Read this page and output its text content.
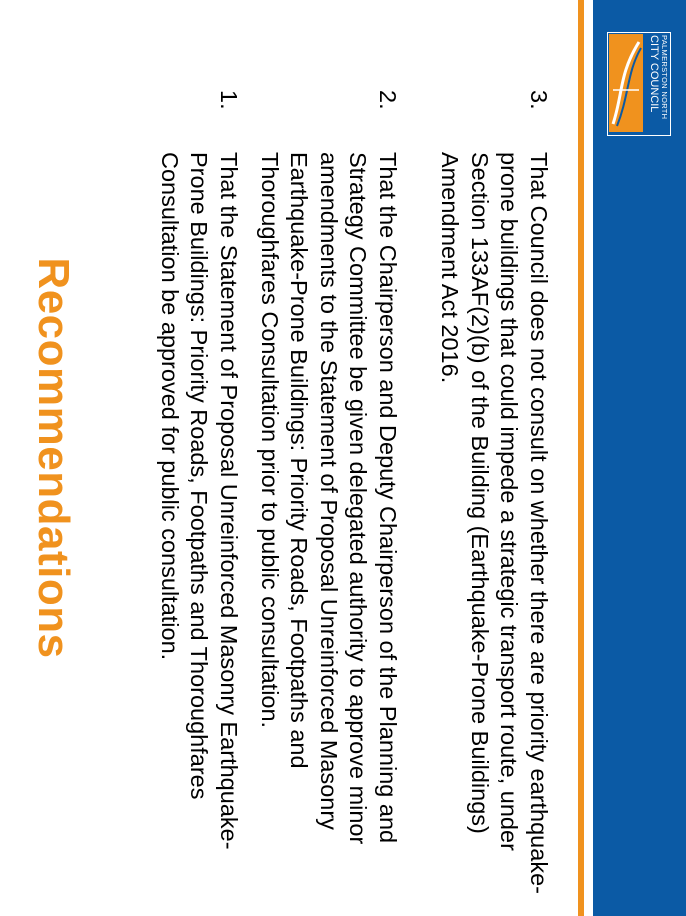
PALMERSTON NORTH
CITY COUNCIL
1.
That the Statement of Proposal Unreinforced Masonry Earthquake-Prone Buildings: Priority Roads, Footpaths and Thoroughfares Consultation be approved for public consultation.
2.
That the Chairperson and Deputy Chairperson of the Planning and Strategy Committee be given delegated authority to approve minor amendments to the Statement of Proposal Unreinforced Masonry Earthquake-Prone Buildings: Priority Roads, Footpaths and Thoroughfares Consultation prior to public consultation.
3.
That Council does not consult on whether there are priority earthquake-prone buildings that could impede a strategic transport route, under Section 133AF(2)(b) of the Building (Earthquake-Prone Buildings) Amendment Act 2016.
Recommendations
